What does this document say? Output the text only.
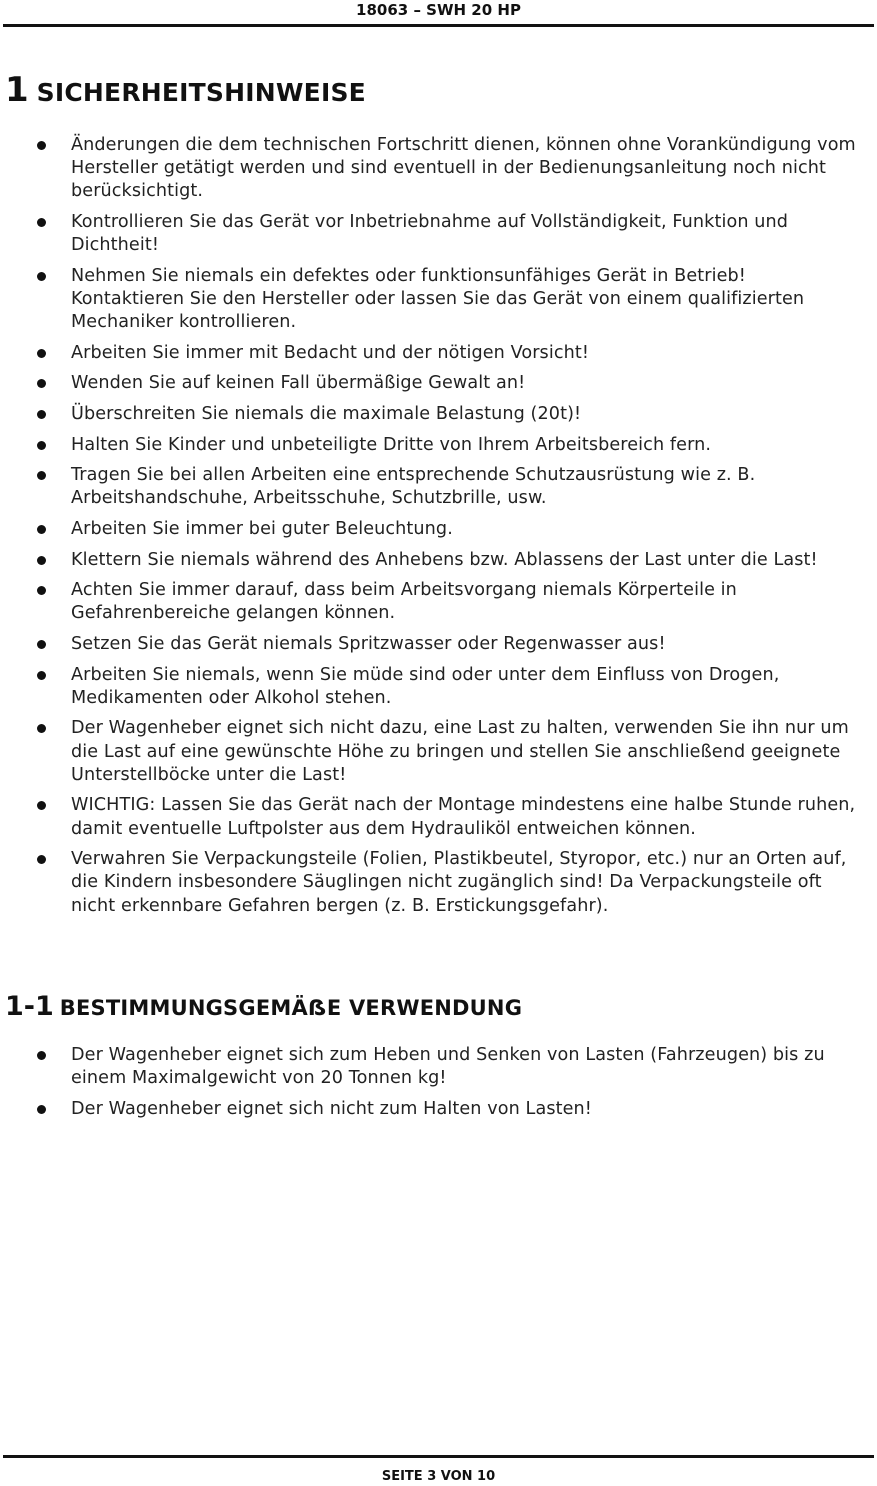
18063 – SWH 20 HP
1 SICHERHEITSHINWEISE
Änderungen die dem technischen Fortschritt dienen, können ohne Vorankündigung vom Hersteller getätigt werden und sind eventuell in der Bedienungsanleitung noch nicht berücksichtigt.
Kontrollieren Sie das Gerät vor Inbetriebnahme auf Vollständigkeit, Funktion und Dichtheit!
Nehmen Sie niemals ein defektes oder funktionsunfähiges Gerät in Betrieb! Kontaktieren Sie den Hersteller oder lassen Sie das Gerät von einem qualifizierten Mechaniker kontrollieren.
Arbeiten Sie immer mit Bedacht und der nötigen Vorsicht!
Wenden Sie auf keinen Fall übermäßige Gewalt an!
Überschreiten Sie niemals die maximale Belastung (20t)!
Halten Sie Kinder und unbeteiligte Dritte von Ihrem Arbeitsbereich fern.
Tragen Sie bei allen Arbeiten eine entsprechende Schutzausrüstung wie z. B. Arbeitshandschuhe, Arbeitsschuhe, Schutzbrille, usw.
Arbeiten Sie immer bei guter Beleuchtung.
Klettern Sie niemals während des Anhebens bzw. Ablassens der Last unter die Last!
Achten Sie immer darauf, dass beim Arbeitsvorgang niemals Körperteile in Gefahrenbereiche gelangen können.
Setzen Sie das Gerät niemals Spritzwasser oder Regenwasser aus!
Arbeiten Sie niemals, wenn Sie müde sind oder unter dem Einfluss von Drogen, Medikamenten oder Alkohol stehen.
Der Wagenheber eignet sich nicht dazu, eine Last zu halten, verwenden Sie ihn nur um die Last auf eine gewünschte Höhe zu bringen und stellen Sie anschließend geeignete Unterstellböcke unter die Last!
WICHTIG: Lassen Sie das Gerät nach der Montage mindestens eine halbe Stunde ruhen, damit eventuelle Luftpolster aus dem Hydrauliköl entweichen können.
Verwahren Sie Verpackungsteile (Folien, Plastikbeutel, Styropor, etc.) nur an Orten auf, die Kindern insbesondere Säuglingen nicht zugänglich sind! Da Verpackungsteile oft nicht erkennbare Gefahren bergen (z. B. Erstickungsgefahr).
1-1 BESTIMMUNGSGEMÄẞE VERWENDUNG
Der Wagenheber eignet sich zum Heben und Senken von Lasten (Fahrzeugen) bis zu einem Maximalgewicht von 20 Tonnen kg!
Der Wagenheber eignet sich nicht zum Halten von Lasten!
SEITE 3 VON 10
